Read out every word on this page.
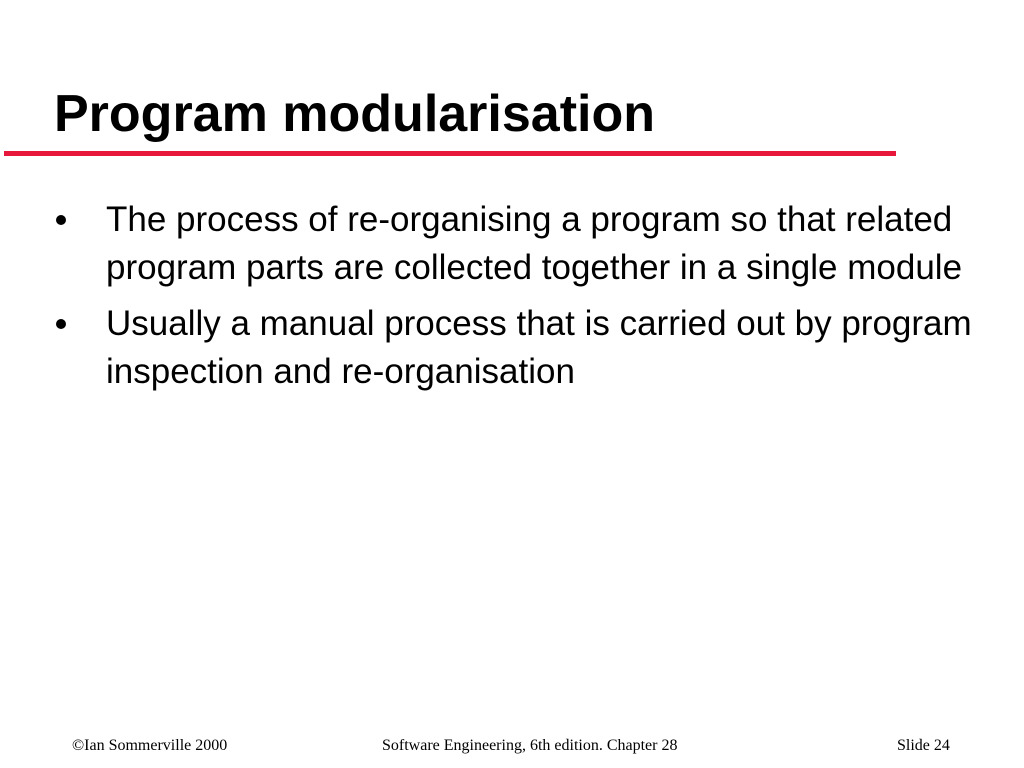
Program modularisation
The process of re-organising a program so that related program parts are collected together in a single module
Usually a manual process that is carried out by program inspection and re-organisation
©Ian Sommerville 2000	Software Engineering, 6th edition. Chapter 28	Slide 24
